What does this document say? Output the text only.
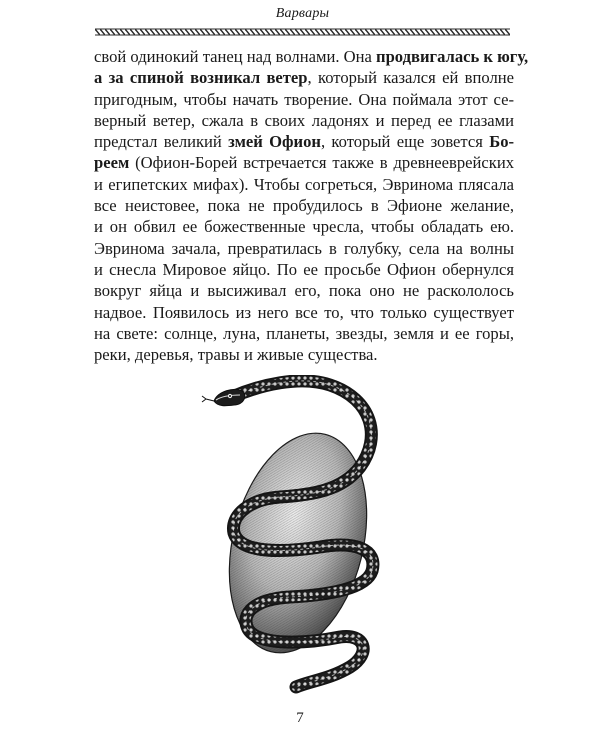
Варвары
свой одинокий танец над волнами. Она продвигалась к югу,
а за спиной возникал ветер, который казался ей вполне
пригодным, чтобы начать творение. Она поймала этот се-
верный ветер, сжала в своих ладонях и перед ее глазами
предстал великий змей Офион, который еще зовется Бо-
реем (Офион-Борей встречается также в древнееврейских
и египетских мифах). Чтобы согреться, Эвринома плясала
все неистовее, пока не пробудилось в Эфионе желание,
и он обвил ее божественные чресла, чтобы обладать ею.
Эвринома зачала, превратилась в голубку, села на волны
и снесла Мировое яйцо. По ее просьбе Офион обернулся
вокруг яйца и высиживал его, пока оно не раскололось
надвое. Появилось из него все то, что только существует
на свете: солнце, луна, планеты, звезды, земля и ее горы,
реки, деревья, травы и живые существа.
7
